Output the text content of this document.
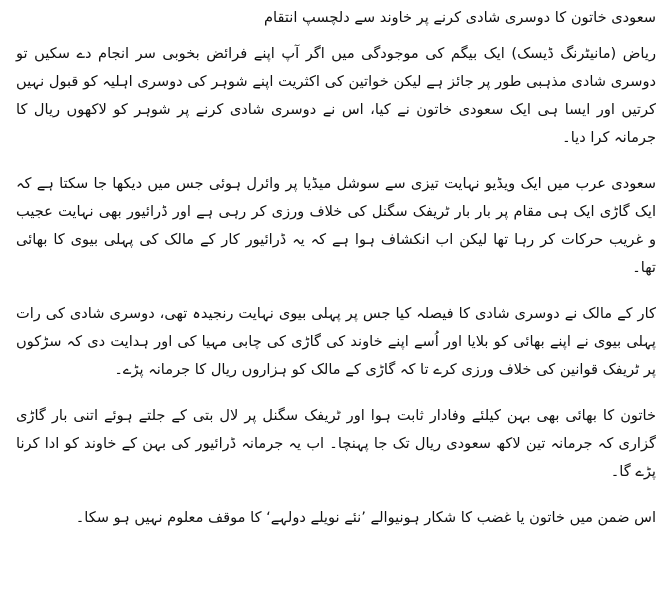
سعودی خاتون کا دوسری شادی کرنے پر خاوند سے دلچسپ انتقام

ریاض (مانیٹرنگ ڈیسک) ایک بیگم کی موجودگی میں اگر آپ اپنے فرائض بخوبی سر انجام دے سکیں تو دوسری شادی مذہبی طور پر جائز ہے لیکن خواتین کی اکثریت اپنے شوہر کی دوسری اہلیہ کو قبول نہیں کرتیں اور ایسا ہی ایک سعودی خاتون نے کیا، اس نے دوسری شادی کرنے پر شوہر کو لاکھوں ریال کا جرمانہ کرا دیا۔

سعودی عرب میں ایک ویڈیو نہایت تیزی سے سوشل میڈیا پر وائرل ہوئی جس میں دیکھا جا سکتا ہے کہ ایک گاڑی ایک ہی مقام پر بار بار ٹریفک سگنل کی خلاف ورزی کر رہی ہے اور ڈرائیور بھی نہایت عجیب و غریب حرکات کر رہا تھا لیکن اب انکشاف ہوا ہے کہ یہ ڈرائیور کار کے مالک کی پہلی بیوی کا بھائی تھا۔

کار کے مالک نے دوسری شادی کا فیصلہ کیا جس پر پہلی بیوی نہایت رنجیدہ تھی، دوسری شادی کی رات پہلی بیوی نے اپنے بھائی کو بلایا اور اُسے اپنے خاوند کی گاڑی کی چابی مہیا کی اور ہدایت دی کہ سڑکوں پر ٹریفک قوانین کی خلاف ورزی کرے تا کہ گاڑی کے مالک کو ہزاروں ریال کا جرمانہ پڑے۔

خاتون کا بھائی بھی بہن کیلئے وفادار ثابت ہوا اور ٹریفک سگنل پر لال بتی کے جلتے ہوئے اتنی بار گاڑی گزاری کہ جرمانہ تین لاکھ سعودی ریال تک جا پہنچا۔ اب یہ جرمانہ ڈرائیور کی بہن کے خاوند کو ادا کرنا پڑے گا۔

اس ضمن میں خاتون یا غضب کا شکار ہونیوالے ’نئے نویلے دولہے‘ کا موقف معلوم نہیں ہو سکا۔
